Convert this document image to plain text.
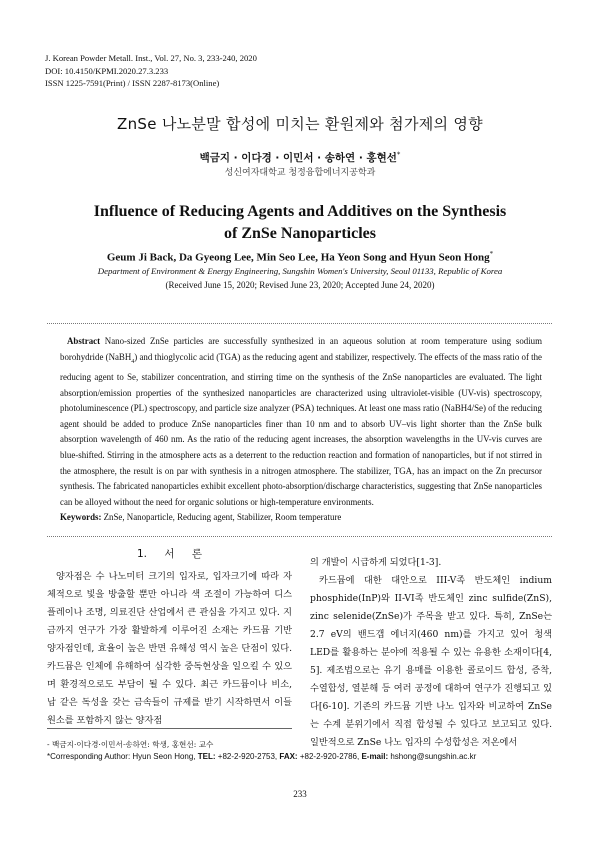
J. Korean Powder Metall. Inst., Vol. 27, No. 3, 233-240, 2020
DOI: 10.4150/KPMI.2020.27.3.233
ISSN 1225-7591(Print) / ISSN 2287-8173(Online)
ZnSe 나노분말 합성에 미치는 환원제와 첨가제의 영향
백금지 · 이다경 · 이민서 · 송하연 · 홍현선*
성신여자대학교 청정융합에너지공학과
Influence of Reducing Agents and Additives on the Synthesis
of ZnSe Nanoparticles
Geum Ji Back, Da Gyeong Lee, Min Seo Lee, Ha Yeon Song and Hyun Seon Hong*
Department of Environment & Energy Engineering, Sungshin Women's University, Seoul 01133, Republic of Korea
(Received June 15, 2020; Revised June 23, 2020; Accepted June 24, 2020)
Abstract Nano-sized ZnSe particles are successfully synthesized in an aqueous solution at room temperature using sodium borohydride (NaBH$_4$) and thioglycolic acid (TGA) as the reducing agent and stabilizer, respectively. The effects of the mass ratio of the reducing agent to Se, stabilizer concentration, and stirring time on the synthesis of the ZnSe nanoparticles are evaluated. The light absorption/emission properties of the synthesized nanoparticles are characterized using ultraviolet-visible (UV-vis) spectroscopy, photoluminescence (PL) spectroscopy, and particle size analyzer (PSA) techniques. At least one mass ratio (NaBH4/Se) of the reducing agent should be added to produce ZnSe nanoparticles finer than 10 nm and to absorb UV–vis light shorter than the ZnSe bulk absorption wavelength of 460 nm. As the ratio of the reducing agent increases, the absorption wavelengths in the UV-vis curves are blue-shifted. Stirring in the atmosphere acts as a deterrent to the reduction reaction and formation of nanoparticles, but if not stirred in the atmosphere, the result is on par with synthesis in a nitrogen atmosphere. The stabilizer, TGA, has an impact on the Zn precursor synthesis. The fabricated nanoparticles exhibit excellent photo-absorption/discharge characteristics, suggesting that ZnSe nanoparticles can be alloyed without the need for organic solutions or high-temperature environments.
Keywords: ZnSe, Nanoparticle, Reducing agent, Stabilizer, Room temperature
1. 서 론

양자점은 수 나노미터 크기의 입자로, 입자크기에 따라 자체적으로 빛을 방출할 뿐만 아니라 색 조절이 가능하여 디스플레이나 조명, 의료진단 산업에서 큰 관심을 가지고 있다. 지금까지 연구가 가장 활발하게 이루어진 소재는 카드뮴 기반 양자점인데, 효율이 높은 반면 유해성 역시 높은 단점이 있다. 카드뮴은 인체에 유해하여 심각한 중독현상을 일으킬 수 있으며 환경적으로도 부담이 될 수 있다. 최근 카드뮴이나 비소, 납 같은 독성을 갖는 금속들이 규제를 받기 시작하면서 이들 원소를 포함하지 않는 양자점

의 개발이 시급하게 되었다[1-3].

카드뮴에 대한 대안으로 III-V족 반도체인 indium phosphide(InP)와 II-VI족 반도체인 zinc sulfide(ZnS), zinc selenide(ZnSe)가 주목을 받고 있다. 특히, ZnSe는 2.7 eV의 밴드갭 에너지(460 nm)를 가지고 있어 청색 LED를 활용하는 분야에 적용될 수 있는 유용한 소재이다[4, 5]. 제조법으로는 유기 용매를 이용한 콜로이드 합성, 증착, 수열합성, 열분해 등 여러 공정에 대하여 연구가 진행되고 있다[6-10]. 기존의 카드뮴 기반 나노 입자와 비교하여 ZnSe는 수계 분위기에서 직접 합성될 수 있다고 보고되고 있다. 일반적으로 ZnSe 나노 입자의 수성합성은 저온에서

- 백금지·이다경·이민서·송하연: 학생, 홍현선: 교수
*Corresponding Author: Hyun Seon Hong, TEL: +82-2-920-2753, FAX: +82-2-920-2786, E-mail: hshong@sungshin.ac.kr
233
